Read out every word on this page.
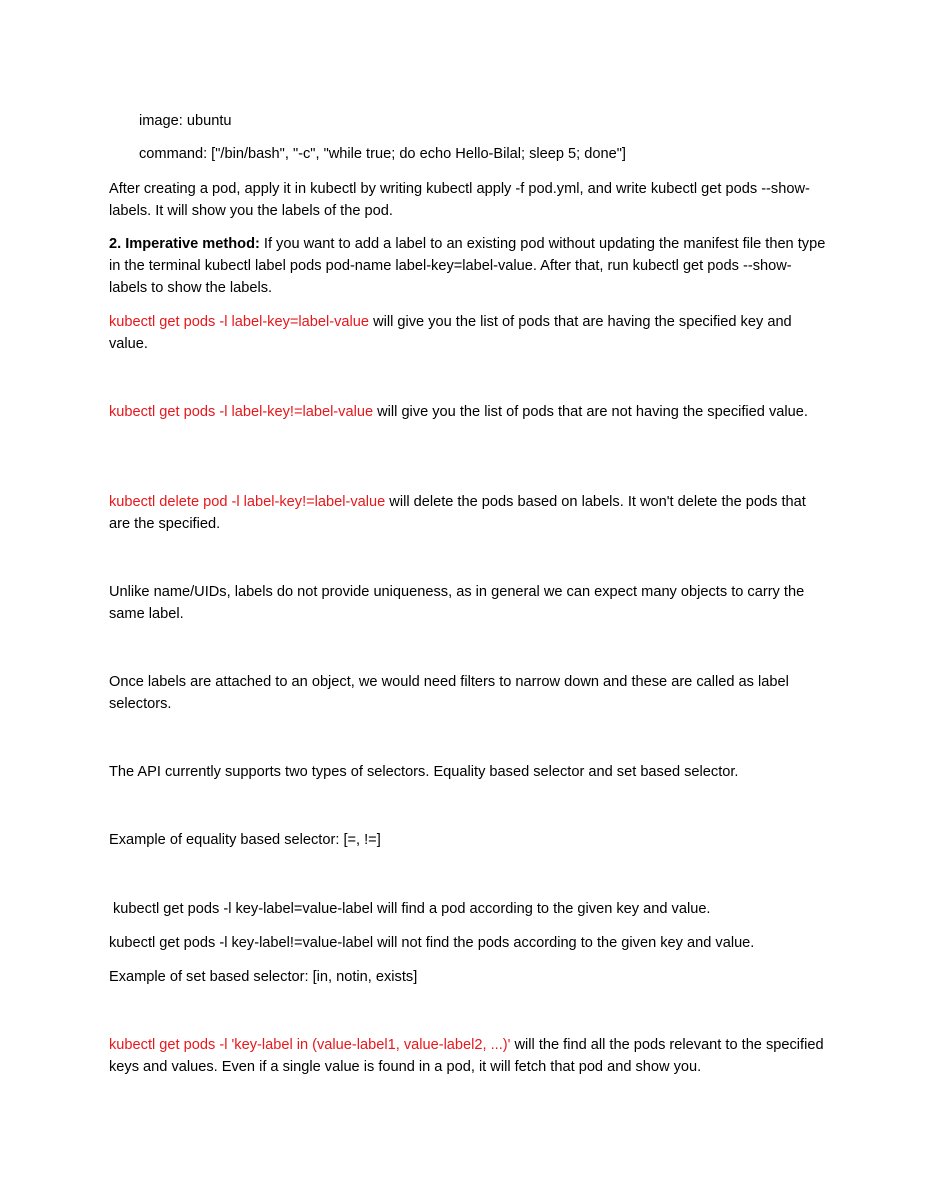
image: ubuntu

command: ["/bin/bash", "-c", "while true; do echo Hello-Bilal; sleep 5; done"]

After creating a pod, apply it in kubectl by writing kubectl apply -f pod.yml, and write kubectl get pods --show-labels. It will show you the labels of the pod.

2. Imperative method: If you want to add a label to an existing pod without updating the manifest file then type in the terminal kubectl label pods pod-name label-key=label-value. After that, run kubectl get pods --show-labels to show the labels.

kubectl get pods -l label-key=label-value will give you the list of pods that are having the specified key and value.

kubectl get pods -l label-key!=label-value will give you the list of pods that are not having the specified value.

kubectl delete pod -l label-key!=label-value will delete the pods based on labels. It won't delete the pods that are the specified.

Unlike name/UIDs, labels do not provide uniqueness, as in general we can expect many objects to carry the same label.

Once labels are attached to an object, we would need filters to narrow down and these are called as label selectors.

The API currently supports two types of selectors. Equality based selector and set based selector.

Example of equality based selector: [=, !=]

kubectl get pods -l key-label=value-label will find a pod according to the given key and value.

kubectl get pods -l key-label!=value-label will not find the pods according to the given key and value.

Example of set based selector: [in, notin, exists]

kubectl get pods -l 'key-label in (value-label1, value-label2, ...)' will the find all the pods relevant to the specified keys and values. Even if a single value is found in a pod, it will fetch that pod and show you.
